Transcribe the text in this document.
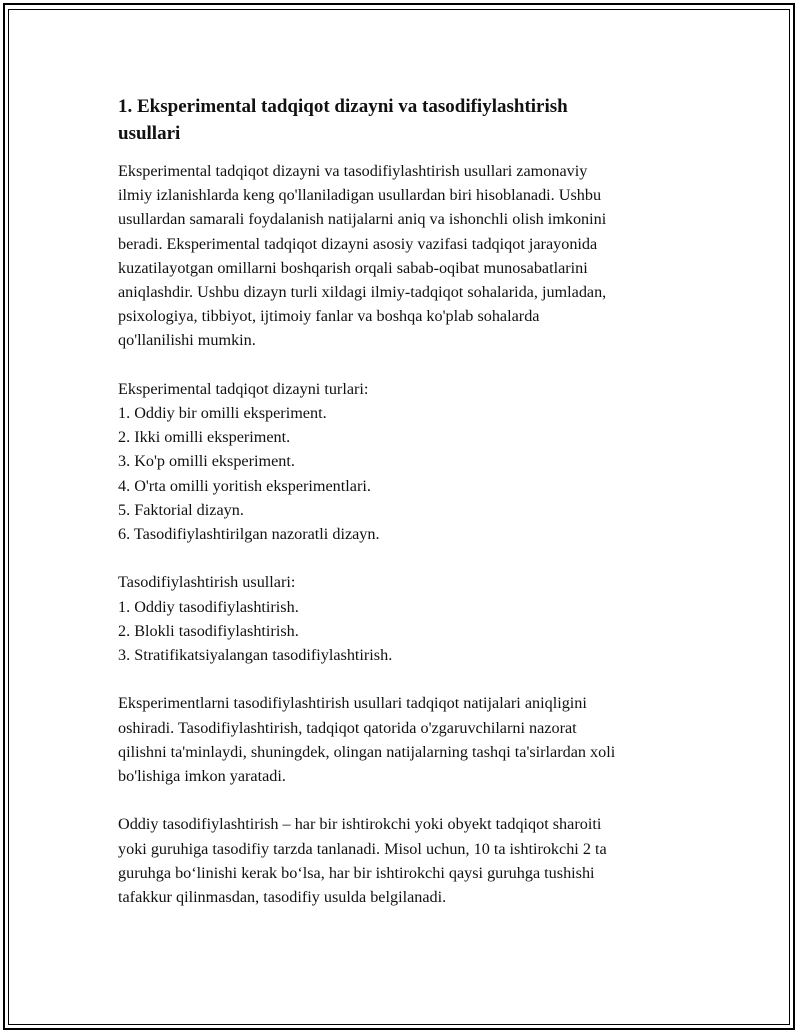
1. Eksperimental tadqiqot dizayni va tasodifiylashtirish
usullari
Eksperimental tadqiqot dizayni va tasodifiylashtirish usullari zamonaviy
ilmiy izlanishlarda keng qo'llaniladigan usullardan biri hisoblanadi. Ushbu
usullardan samarali foydalanish natijalarni aniq va ishonchli olish imkonini
beradi. Eksperimental tadqiqot dizayni asosiy vazifasi tadqiqot jarayonida
kuzatilayotgan omillarni boshqarish orqali sabab-oqibat munosabatlarini
aniqlashdir. Ushbu dizayn turli xildagi ilmiy-tadqiqot sohalarida, jumladan,
psixologiya, tibbiyot, ijtimoiy fanlar va boshqa ko'plab sohalarda
qo'llanilishi mumkin.
Eksperimental tadqiqot dizayni turlari:
1. Oddiy bir omilli eksperiment.
2. Ikki omilli eksperiment.
3. Ko'p omilli eksperiment.
4. O'rta omilli yoritish eksperimentlari.
5. Faktorial dizayn.
6. Tasodifiylashtirilgan nazoratli dizayn.
Tasodifiylashtirish usullari:
1. Oddiy tasodifiylashtirish.
2. Blokli tasodifiylashtirish.
3. Stratifikatsiyalangan tasodifiylashtirish.
Eksperimentlarni tasodifiylashtirish usullari tadqiqot natijalari aniqligini
oshiradi. Tasodifiylashtirish, tadqiqot qatorida o'zgaruvchilarni nazorat
qilishni ta'minlaydi, shuningdek, olingan natijalarning tashqi ta'sirlardan xoli
bo'lishiga imkon yaratadi.
Oddiy tasodifiylashtirish – har bir ishtirokchi yoki obyekt tadqiqot sharoiti
yoki guruhiga tasodifiy tarzda tanlanadi. Misol uchun, 10 ta ishtirokchi 2 ta
guruhga bo‘linishi kerak bo‘lsa, har bir ishtirokchi qaysi guruhga tushishi
tafakkur qilinmasdan, tasodifiy usulda belgilanadi.
